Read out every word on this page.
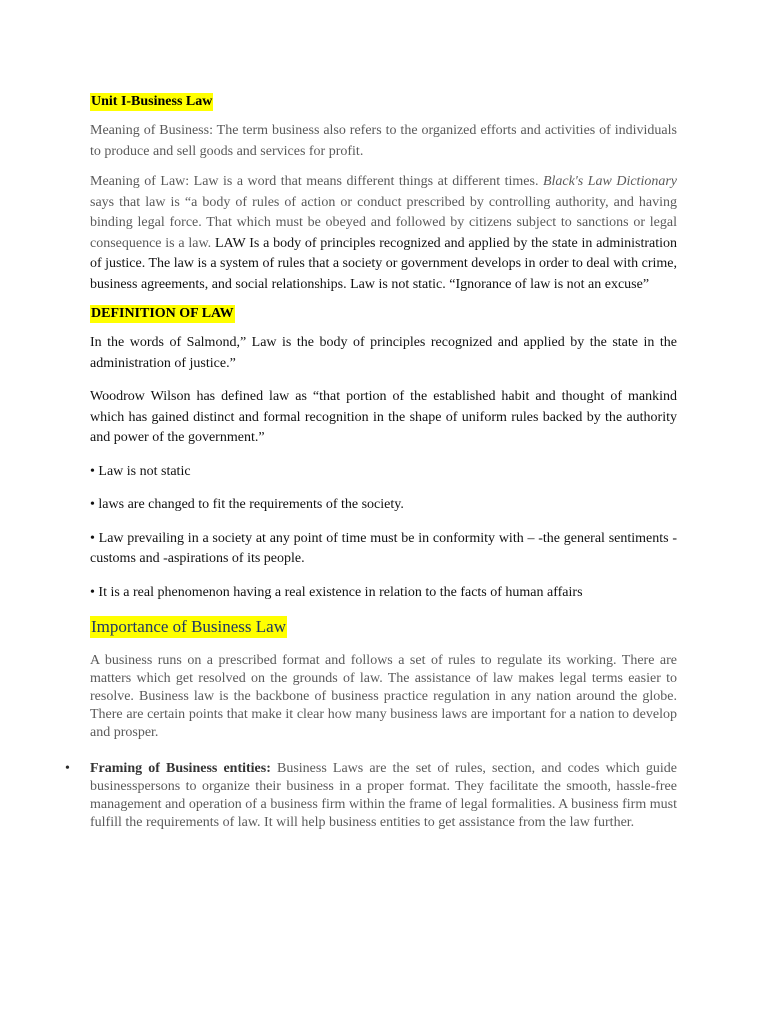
Unit I-Business Law

Meaning of Business: The term business also refers to the organized efforts and activities of individuals to produce and sell goods and services for profit.

Meaning of Law: Law is a word that means different things at different times. Black's Law Dictionary says that law is “a body of rules of action or conduct prescribed by controlling authority, and having binding legal force. That which must be obeyed and followed by citizens subject to sanctions or legal consequence is a law. LAW Is a body of principles recognized and applied by the state in administration of justice. The law is a system of rules that a society or government develops in order to deal with crime, business agreements, and social relationships. Law is not static. “Ignorance of law is not an excuse”

DEFINITION OF LAW

In the words of Salmond,” Law is the body of principles recognized and applied by the state in the administration of justice.”

Woodrow Wilson has defined law as “that portion of the established habit and thought of mankind which has gained distinct and formal recognition in the shape of uniform rules backed by the authority and power of the government.”

• Law is not static

• laws are changed to fit the requirements of the society.

• Law prevailing in a society at any point of time must be in conformity with – -the general sentiments - customs and -aspirations of its people.

• It is a real phenomenon having a real existence in relation to the facts of human affairs

Importance of Business Law

A business runs on a prescribed format and follows a set of rules to regulate its working. There are matters which get resolved on the grounds of law. The assistance of law makes legal terms easier to resolve. Business law is the backbone of business practice regulation in any nation around the globe. There are certain points that make it clear how many business laws are important for a nation to develop and prosper.

• Framing of Business entities: Business Laws are the set of rules, section, and codes which guide businesspersons to organize their business in a proper format. They facilitate the smooth, hassle-free management and operation of a business firm within the frame of legal formalities. A business firm must fulfill the requirements of law. It will help business entities to get assistance from the law further.
